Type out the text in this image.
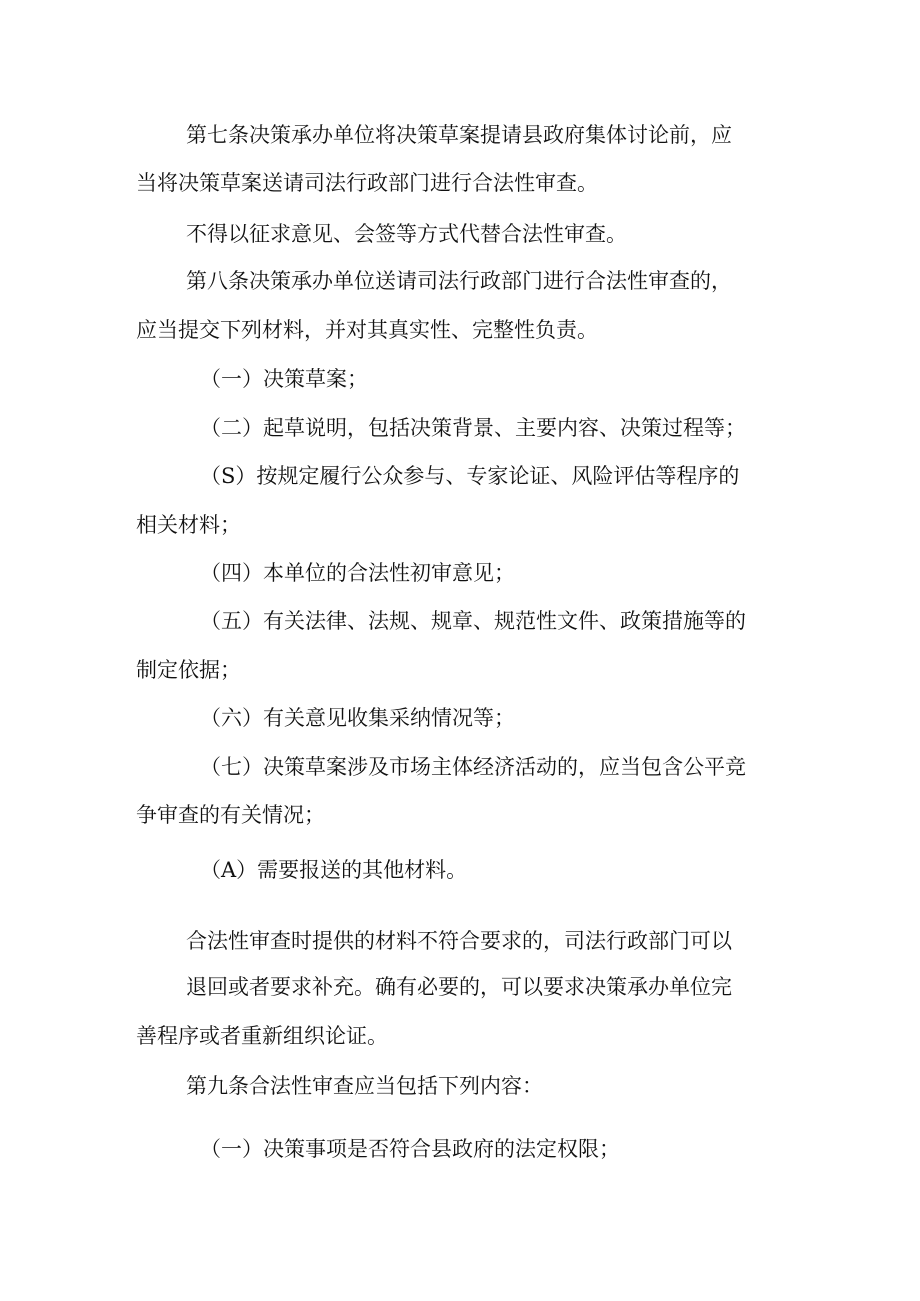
第七条决策承办单位将决策草案提请县政府集体讨论前，应
当将决策草案送请司法行政部门进行合法性审查。
不得以征求意见、会签等方式代替合法性审查。
第八条决策承办单位送请司法行政部门进行合法性审查的，
应当提交下列材料，并对其真实性、完整性负责。
（一）决策草案；
（二）起草说明，包括决策背景、主要内容、决策过程等；
（S）按规定履行公众参与、专家论证、风险评估等程序的
相关材料；
（四）本单位的合法性初审意见；
（五）有关法律、法规、规章、规范性文件、政策措施等的
制定依据；
（六）有关意见收集采纳情况等；
（七）决策草案涉及市场主体经济活动的，应当包含公平竞
争审查的有关情况；
（A）需要报送的其他材料。
合法性审查时提供的材料不符合要求的，司法行政部门可以
退回或者要求补充。确有必要的，可以要求决策承办单位完
善程序或者重新组织论证。
第九条合法性审查应当包括下列内容：
（一）决策事项是否符合县政府的法定权限；
